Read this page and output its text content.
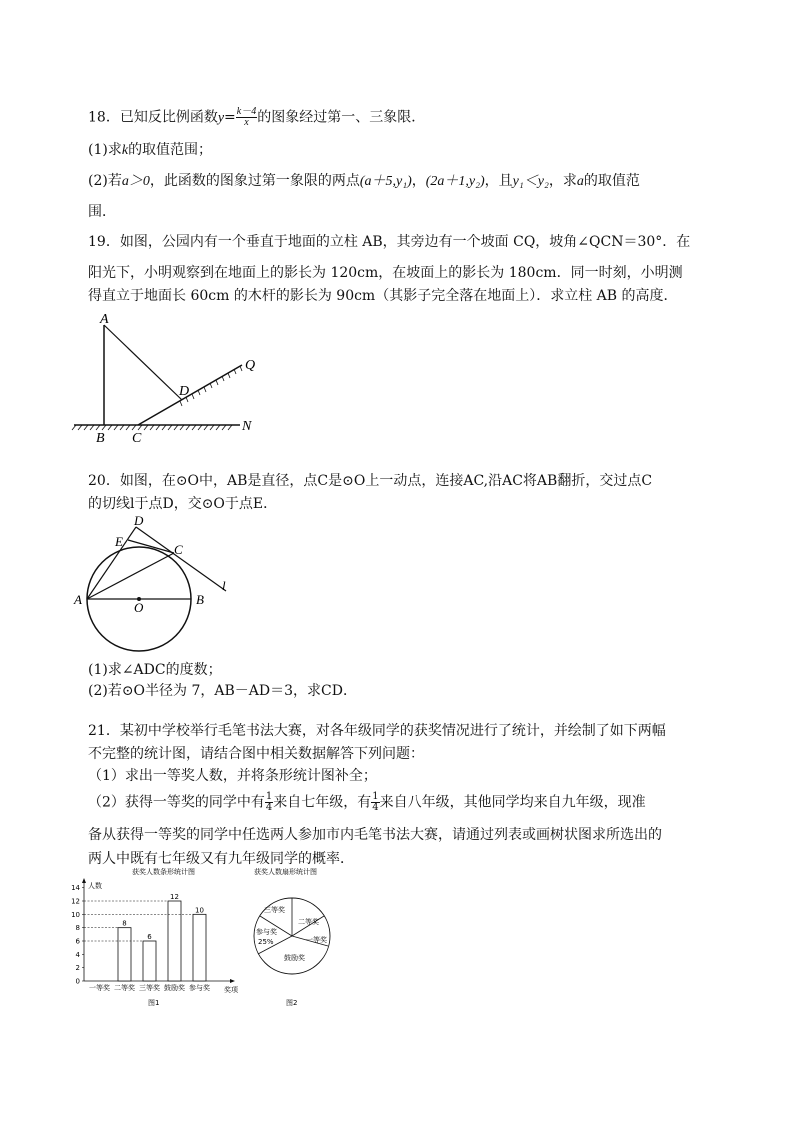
18．已知反比例函数$y= \frac{k-4}{x}$ 的图象经过第一、三象限．
(1)求k的取值范围；
(2)若a＞0，此函数的图象过第一象限的两点(a＋5,y₁)，(2a＋1,y₂)，且y₁＜y₂，求a的取值范
围．
19．如图，公园内有一个垂直于地面的立柱 AB，其旁边有一个坡面 CQ，坡角∠QCN＝30°．在
阳光下，小明观察到在地面上的影长为 120cm，在坡面上的影长为 180cm．同一时刻，小明测
得直立于地面长 60cm 的木杆的影长为 90cm（其影子完全落在地面上）．求立柱 AB 的高度．
A
B C
D
Q
N
20．如图，在⊙O中，AB是直径，点C是⊙O上一动点，连接AC,沿AC将AB翻折，交过点C
的切线l于点D，交⊙O于点E．
D
E
C
A	B
O
l
(1)求∠ADC的度数；
(2)若⊙O半径为 7，AB－AD＝3，求CD．
21．某初中学校举行毛笔书法大赛，对各年级同学的获奖情况进行了统计，并绘制了如下两幅
不完整的统计图，请结合图中相关数据解答下列问题：
（1）求出一等奖人数，并将条形统计图补全；
（2）获得一等奖的同学中有 $\frac{1}{4}$ 来自七年级，有 $\frac{1}{4}$ 来自八年级，其他同学均来自九年级，现准
备从获得一等奖的同学中任选两人参加市内毛笔书法大赛，请通过列表或画树状图求所选出的
两人中既有七年级又有九年级同学的概率．
获奖人数条形统计图
人数
奖项
0
2
4
6
8
10
12
14
8
6
12
10
一等奖 二等奖 三等奖 鼓励奖 参与奖
图1
获奖人数扇形统计图
三等奖
二等奖
一等奖
鼓励奖
参与奖
25%
图2
